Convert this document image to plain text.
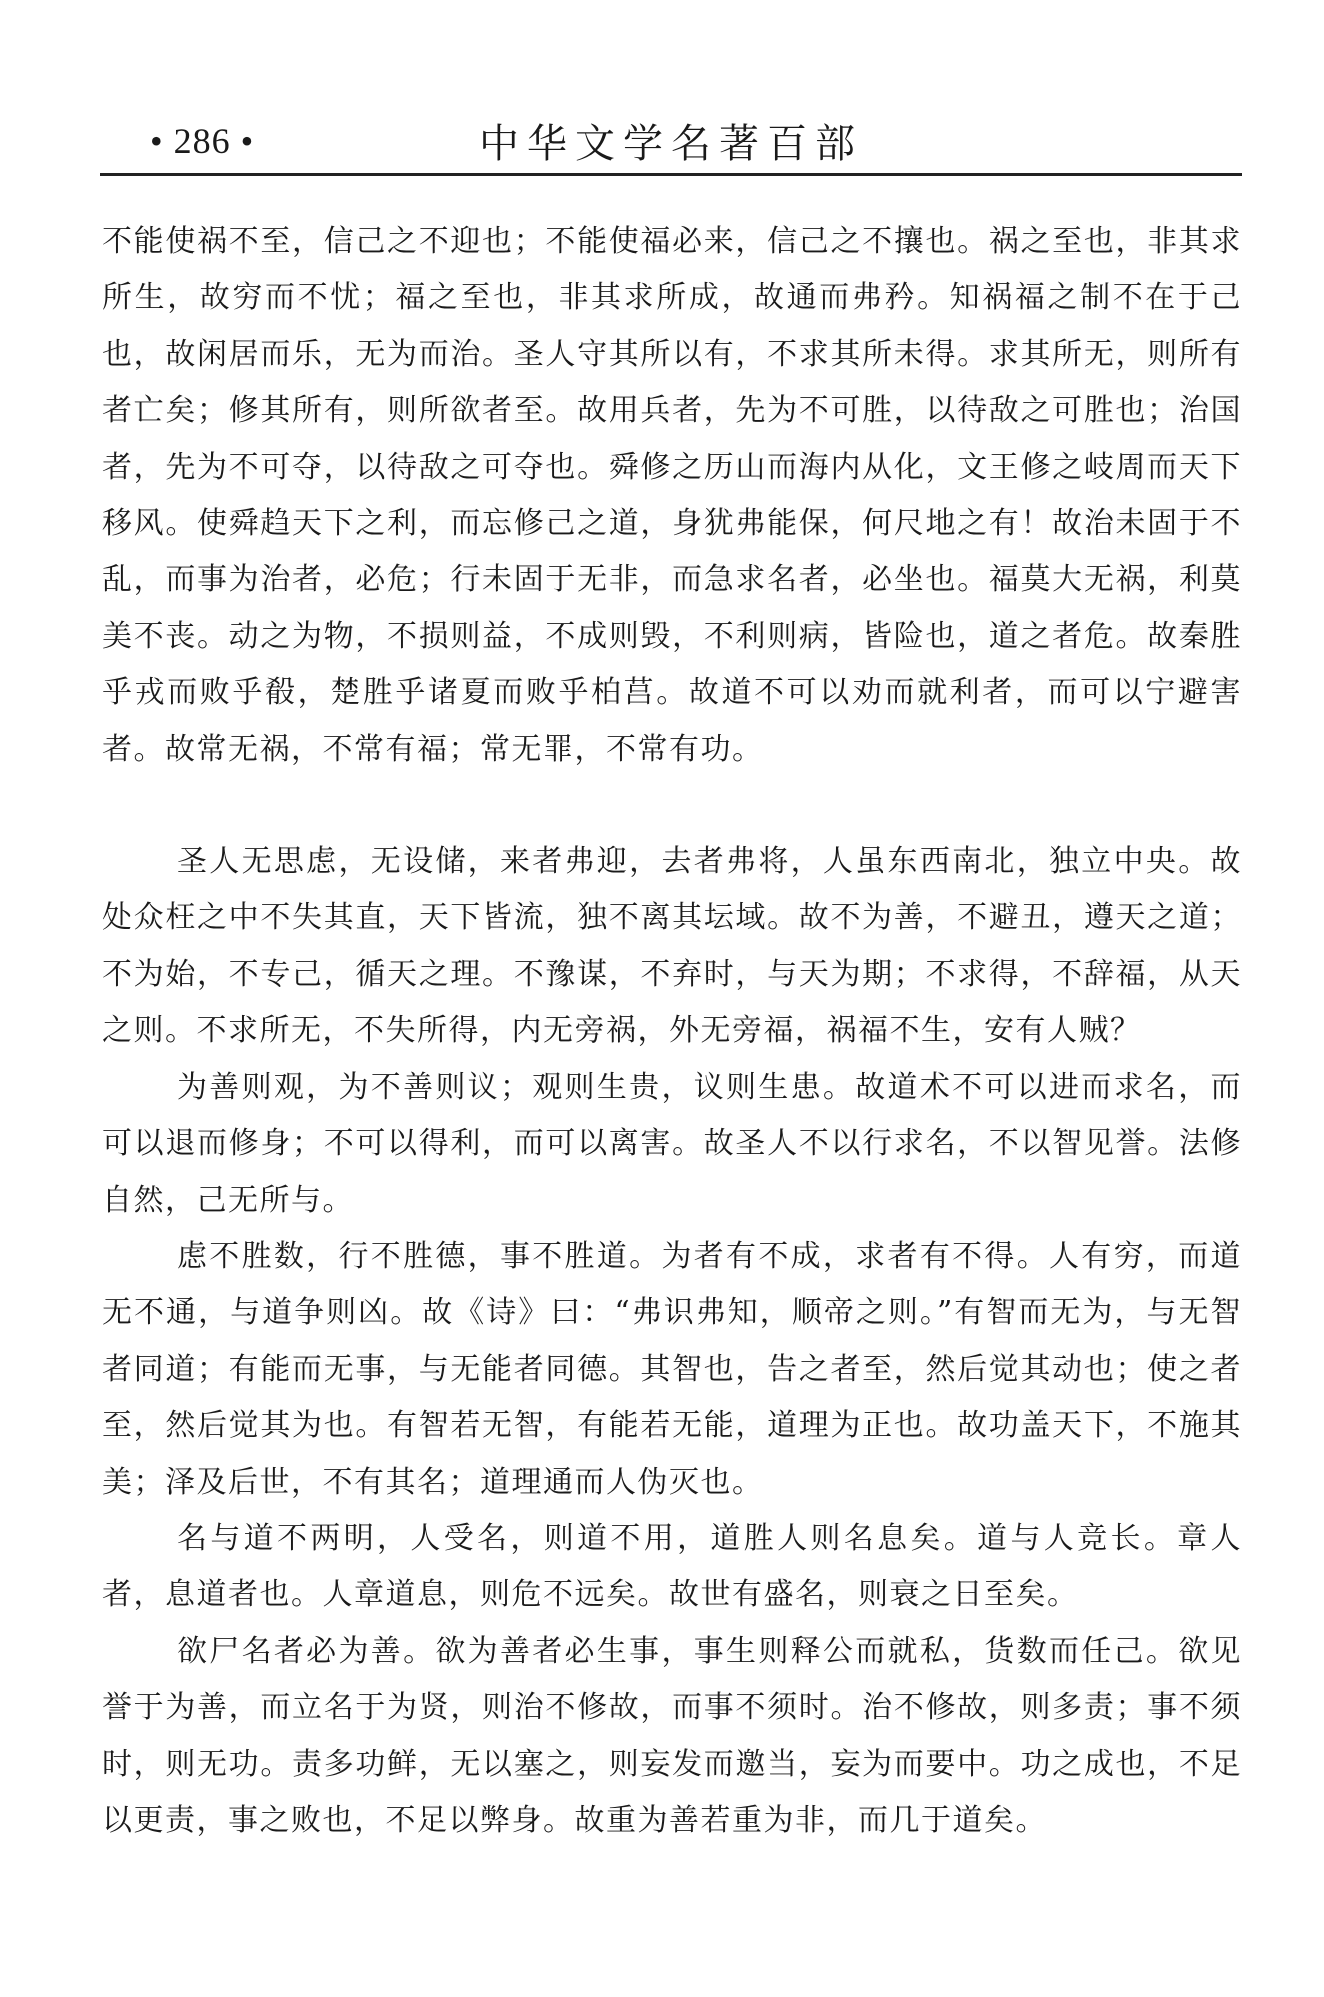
• 286 •	中华文学名著百部

不能使祸不至，信己之不迎也；不能使福必来，信己之不攘也。祸之至也，非其求所生，故穷而不忧；福之至也，非其求所成，故通而弗矜。知祸福之制不在于己也，故闲居而乐，无为而治。圣人守其所以有，不求其所未得。求其所无，则所有者亡矣；修其所有，则所欲者至。故用兵者，先为不可胜，以待敌之可胜也；治国者，先为不可夺，以待敌之可夺也。舜修之历山而海内从化，文王修之岐周而天下移风。使舜趋天下之利，而忘修己之道，身犹弗能保，何尺地之有！故治未固于不乱，而事为治者，必危；行未固于无非，而急求名者，必坐也。福莫大无祸，利莫美不丧。动之为物，不损则益，不成则毁，不利则病，皆险也，道之者危。故秦胜乎戎而败乎殽，楚胜乎诸夏而败乎柏莒。故道不可以劝而就利者，而可以宁避害者。故常无祸，不常有福；常无罪，不常有功。

圣人无思虑，无设储，来者弗迎，去者弗将，人虽东西南北，独立中央。故处众枉之中不失其直，天下皆流，独不离其坛域。故不为善，不避丑，遵天之道；不为始，不专己，循天之理。不豫谋，不弃时，与天为期；不求得，不辞福，从天之则。不求所无，不失所得，内无旁祸，外无旁福，祸福不生，安有人贼？

为善则观，为不善则议；观则生贵，议则生患。故道术不可以进而求名，而可以退而修身；不可以得利，而可以离害。故圣人不以行求名，不以智见誉。法修自然，己无所与。

虑不胜数，行不胜德，事不胜道。为者有不成，求者有不得。人有穷，而道无不通，与道争则凶。故《诗》曰：“弗识弗知，顺帝之则。”有智而无为，与无智者同道；有能而无事，与无能者同德。其智也，告之者至，然后觉其动也；使之者至，然后觉其为也。有智若无智，有能若无能，道理为正也。故功盖天下，不施其美；泽及后世，不有其名；道理通而人伪灭也。

名与道不两明，人受名，则道不用，道胜人则名息矣。道与人竞长。章人者，息道者也。人章道息，则危不远矣。故世有盛名，则衰之日至矣。

欲尸名者必为善。欲为善者必生事，事生则释公而就私，货数而任己。欲见誉于为善，而立名于为贤，则治不修故，而事不须时。治不修故，则多责；事不须时，则无功。责多功鲜，无以塞之，则妄发而邀当，妄为而要中。功之成也，不足以更责，事之败也，不足以弊身。故重为善若重为非，而几于道矣。
